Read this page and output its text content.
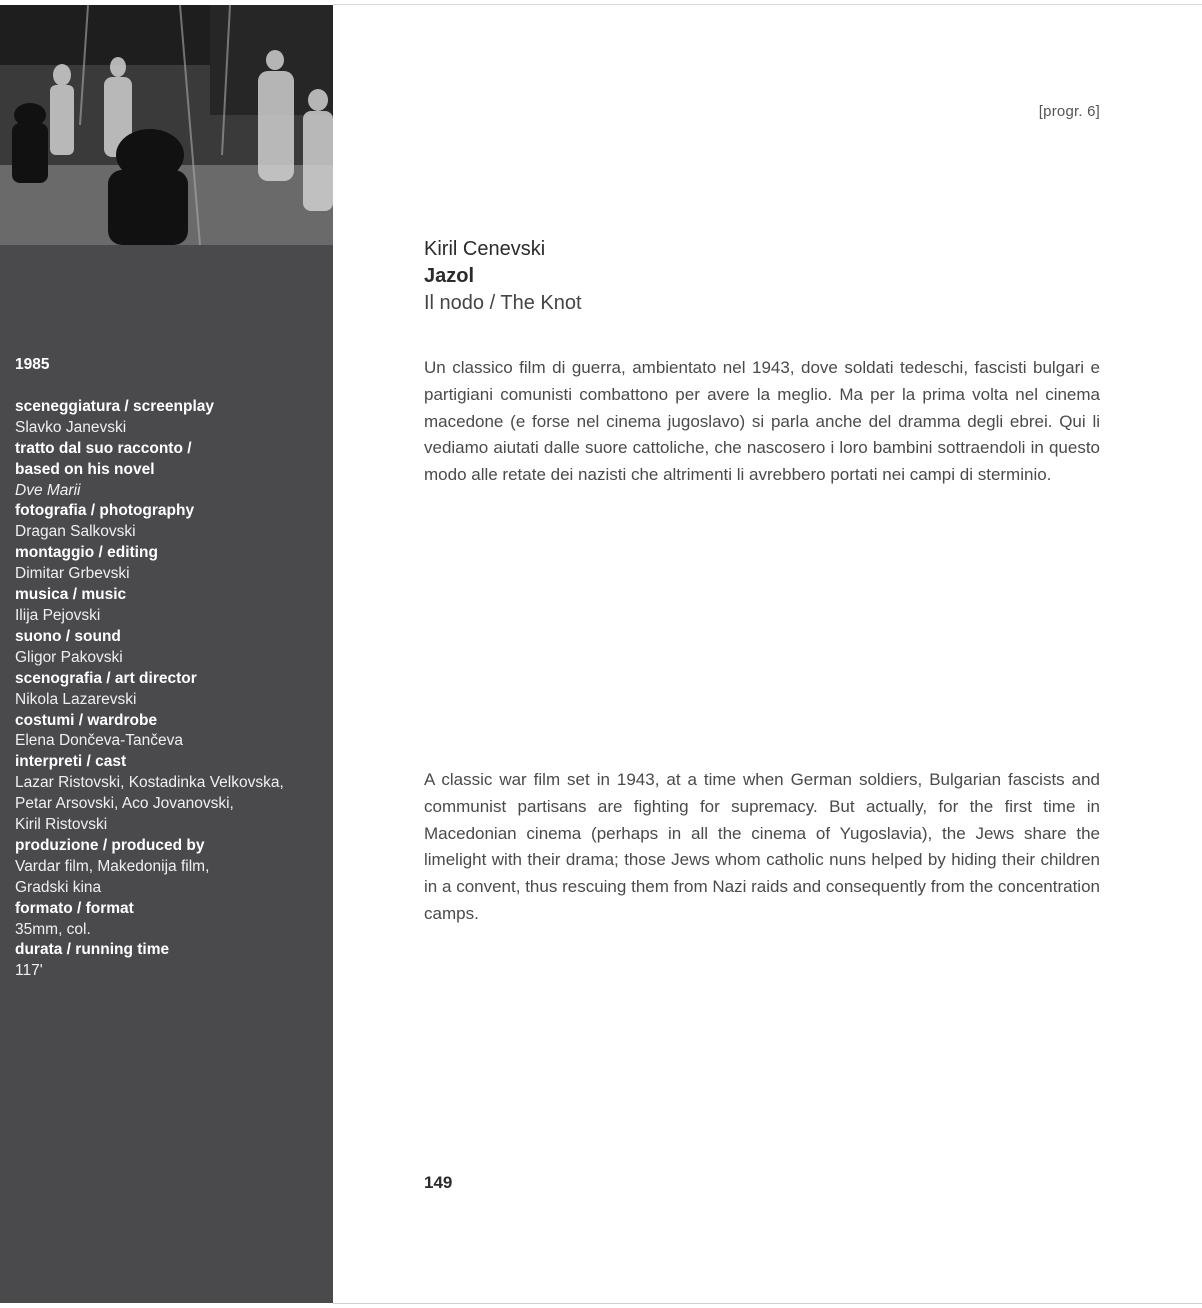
1985
sceneggiatura / screenplay
Slavko Janevski
tratto dal suo racconto /
based on his novel
Dve Marii
fotografia / photography
Dragan Salkovski
montaggio / editing
Dimitar Grbevski
musica / music
Ilija Pejovski
suono / sound
Gligor Pakovski
scenografia / art director
Nikola Lazarevski
costumi / wardrobe
Elena Dončeva-Tančeva
interpreti / cast
Lazar Ristovski, Kostadinka Velkovska,
Petar Arsovski, Aco Jovanovski,
Kiril Ristovski
produzione / produced by
Vardar film, Makedonija film,
Gradski kina
formato / format
35mm, col.
durata / running time
117'
[progr. 6]
Kiril Cenevski
Jazol
Il nodo / The Knot
Un classico film di guerra, ambientato nel 1943, dove soldati tedeschi, fascisti bulgari e partigiani comunisti combattono per avere la meglio. Ma per la prima volta nel cinema macedone (e forse nel cinema jugoslavo) si parla anche del dramma degli ebrei. Qui li vediamo aiutati dalle suore cattoliche, che nascosero i loro bambini sottraendoli in questo modo alle retate dei nazisti che altrimenti li avrebbero portati nei campi di sterminio.
A classic war film set in 1943, at a time when German soldiers, Bulgarian fascists and communist partisans are fighting for supremacy. But actually, for the first time in Macedonian cinema (perhaps in all the cinema of Yugoslavia), the Jews share the limelight with their drama; those Jews whom catholic nuns helped by hiding their children in a convent, thus rescuing them from Nazi raids and consequently from the concentration camps.
149
